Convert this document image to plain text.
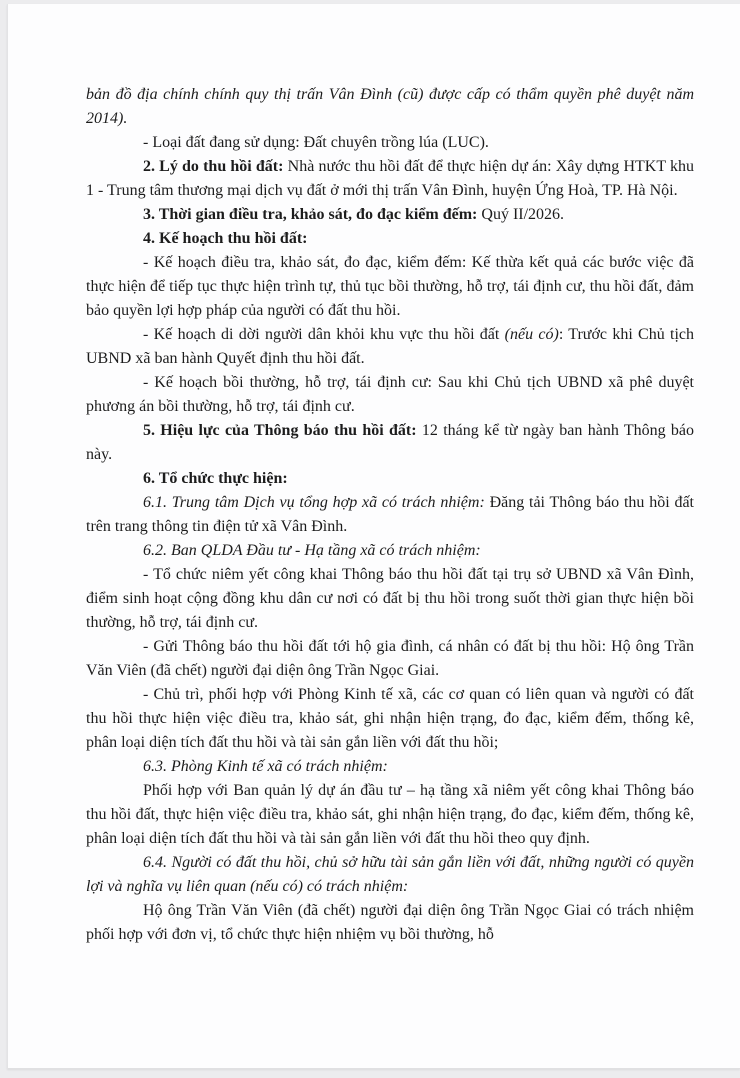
bản đồ địa chính chính quy thị trấn Vân Đình (cũ) được cấp có thẩm quyền phê duyệt năm 2014).

- Loại đất đang sử dụng: Đất chuyên trồng lúa (LUC).

2. Lý do thu hồi đất: Nhà nước thu hồi đất để thực hiện dự án: Xây dựng HTKT khu 1 - Trung tâm thương mại dịch vụ đất ở mới thị trấn Vân Đình, huyện Ứng Hoà, TP. Hà Nội.

3. Thời gian điều tra, khảo sát, đo đạc kiểm đếm: Quý II/2026.

4. Kế hoạch thu hồi đất:

- Kế hoạch điều tra, khảo sát, đo đạc, kiểm đếm: Kế thừa kết quả các bước việc đã thực hiện để tiếp tục thực hiện trình tự, thủ tục bồi thường, hỗ trợ, tái định cư, thu hồi đất, đảm bảo quyền lợi hợp pháp của người có đất thu hồi.

- Kế hoạch di dời người dân khỏi khu vực thu hồi đất (nếu có): Trước khi Chủ tịch UBND xã ban hành Quyết định thu hồi đất.

- Kế hoạch bồi thường, hỗ trợ, tái định cư: Sau khi Chủ tịch UBND xã phê duyệt phương án bồi thường, hỗ trợ, tái định cư.

5. Hiệu lực của Thông báo thu hồi đất: 12 tháng kể từ ngày ban hành Thông báo này.

6. Tổ chức thực hiện:

6.1. Trung tâm Dịch vụ tổng hợp xã có trách nhiệm: Đăng tải Thông báo thu hồi đất trên trang thông tin điện tử xã Vân Đình.

6.2. Ban QLDA Đầu tư - Hạ tầng xã có trách nhiệm:

- Tổ chức niêm yết công khai Thông báo thu hồi đất tại trụ sở UBND xã Vân Đình, điểm sinh hoạt cộng đồng khu dân cư nơi có đất bị thu hồi trong suốt thời gian thực hiện bồi thường, hỗ trợ, tái định cư.

- Gửi Thông báo thu hồi đất tới hộ gia đình, cá nhân có đất bị thu hồi: Hộ ông Trần Văn Viên (đã chết) người đại diện ông Trần Ngọc Giai.

- Chủ trì, phối hợp với Phòng Kinh tế xã, các cơ quan có liên quan và người có đất thu hồi thực hiện việc điều tra, khảo sát, ghi nhận hiện trạng, đo đạc, kiểm đếm, thống kê, phân loại diện tích đất thu hồi và tài sản gắn liền với đất thu hồi;

6.3. Phòng Kinh tế xã có trách nhiệm:

Phối hợp với Ban quản lý dự án đầu tư – hạ tầng xã niêm yết công khai Thông báo thu hồi đất, thực hiện việc điều tra, khảo sát, ghi nhận hiện trạng, đo đạc, kiểm đếm, thống kê, phân loại diện tích đất thu hồi và tài sản gắn liền với đất thu hồi theo quy định.

6.4. Người có đất thu hồi, chủ sở hữu tài sản gắn liền với đất, những người có quyền lợi và nghĩa vụ liên quan (nếu có) có trách nhiệm:

Hộ ông Trần Văn Viên (đã chết) người đại diện ông Trần Ngọc Giai có trách nhiệm phối hợp với đơn vị, tổ chức thực hiện nhiệm vụ bồi thường, hỗ
